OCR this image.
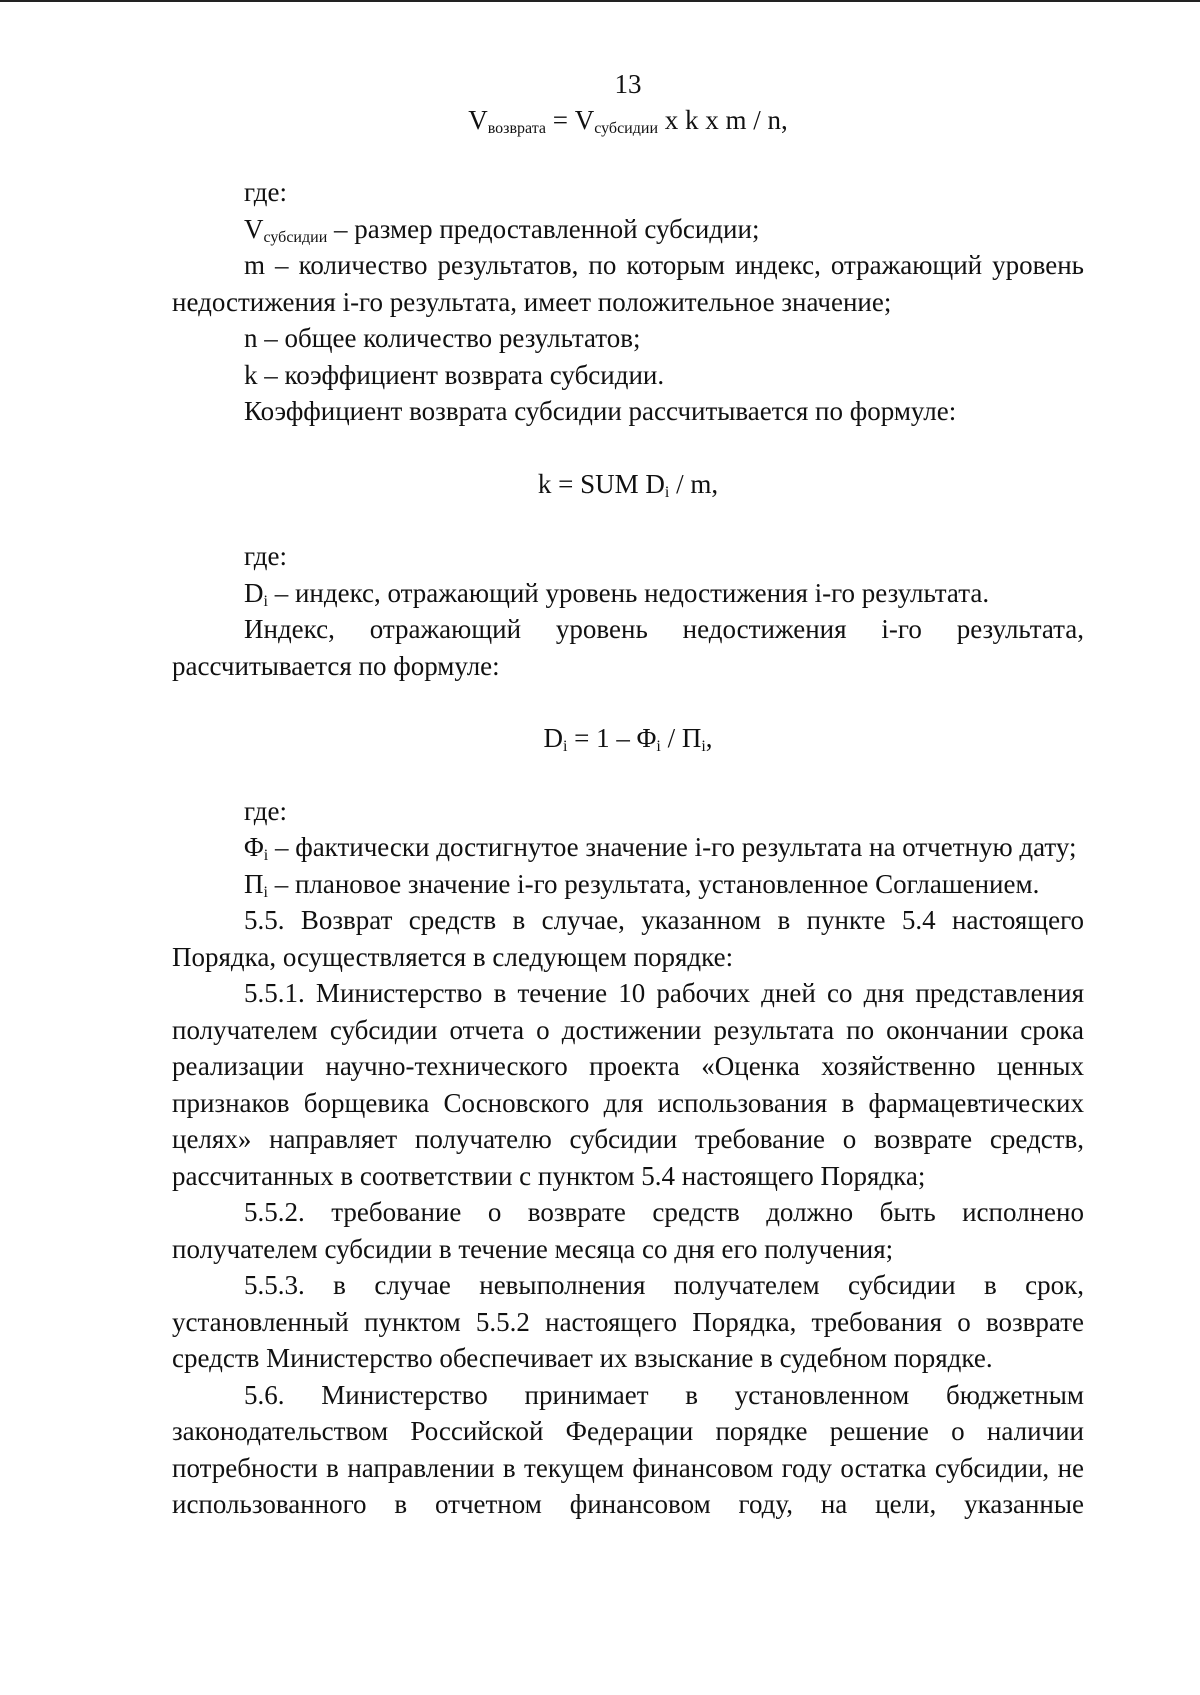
13
$V_{возврата} = V_{субсидии}$ x k x m / n,

где:

$V_{субсидии}$ – размер предоставленной субсидии;

m – количество результатов, по которым индекс, отражающий уровень недостижения i-го результата, имеет положительное значение;

n – общее количество результатов;

k – коэффициент возврата субсидии.

Коэффициент возврата субсидии рассчитывается по формуле:

k = SUM $D_i$ / m,

где:

$D_i$ – индекс, отражающий уровень недостижения i-го результата.

Индекс, отражающий уровень недостижения i-го результата, рассчитывается по формуле:

$D_i = 1 - \Phi_i / П_i$,

где:

$\Phi_i$ – фактически достигнутое значение i-го результата на отчетную дату;

$П_i$ – плановое значение i-го результата, установленное Соглашением.

5.5. Возврат средств в случае, указанном в пункте 5.4 настоящего Порядка, осуществляется в следующем порядке:

5.5.1. Министерство в течение 10 рабочих дней со дня представления получателем субсидии отчета о достижении результата по окончании срока реализации научно-технического проекта «Оценка хозяйственно ценных признаков борщевика Сосновского для использования в фармацевтических целях» направляет получателю субсидии требование о возврате средств, рассчитанных в соответствии с пунктом 5.4 настоящего Порядка;

5.5.2. требование о возврате средств должно быть исполнено получателем субсидии в течение месяца со дня его получения;

5.5.3. в случае невыполнения получателем субсидии в срок, установленный пунктом 5.5.2 настоящего Порядка, требования о возврате средств Министерство обеспечивает их взыскание в судебном порядке.

5.6. Министерство принимает в установленном бюджетным законодательством Российской Федерации порядке решение о наличии потребности в направлении в текущем финансовом году остатка субсидии, не использованного в отчетном финансовом году, на цели, указанные
